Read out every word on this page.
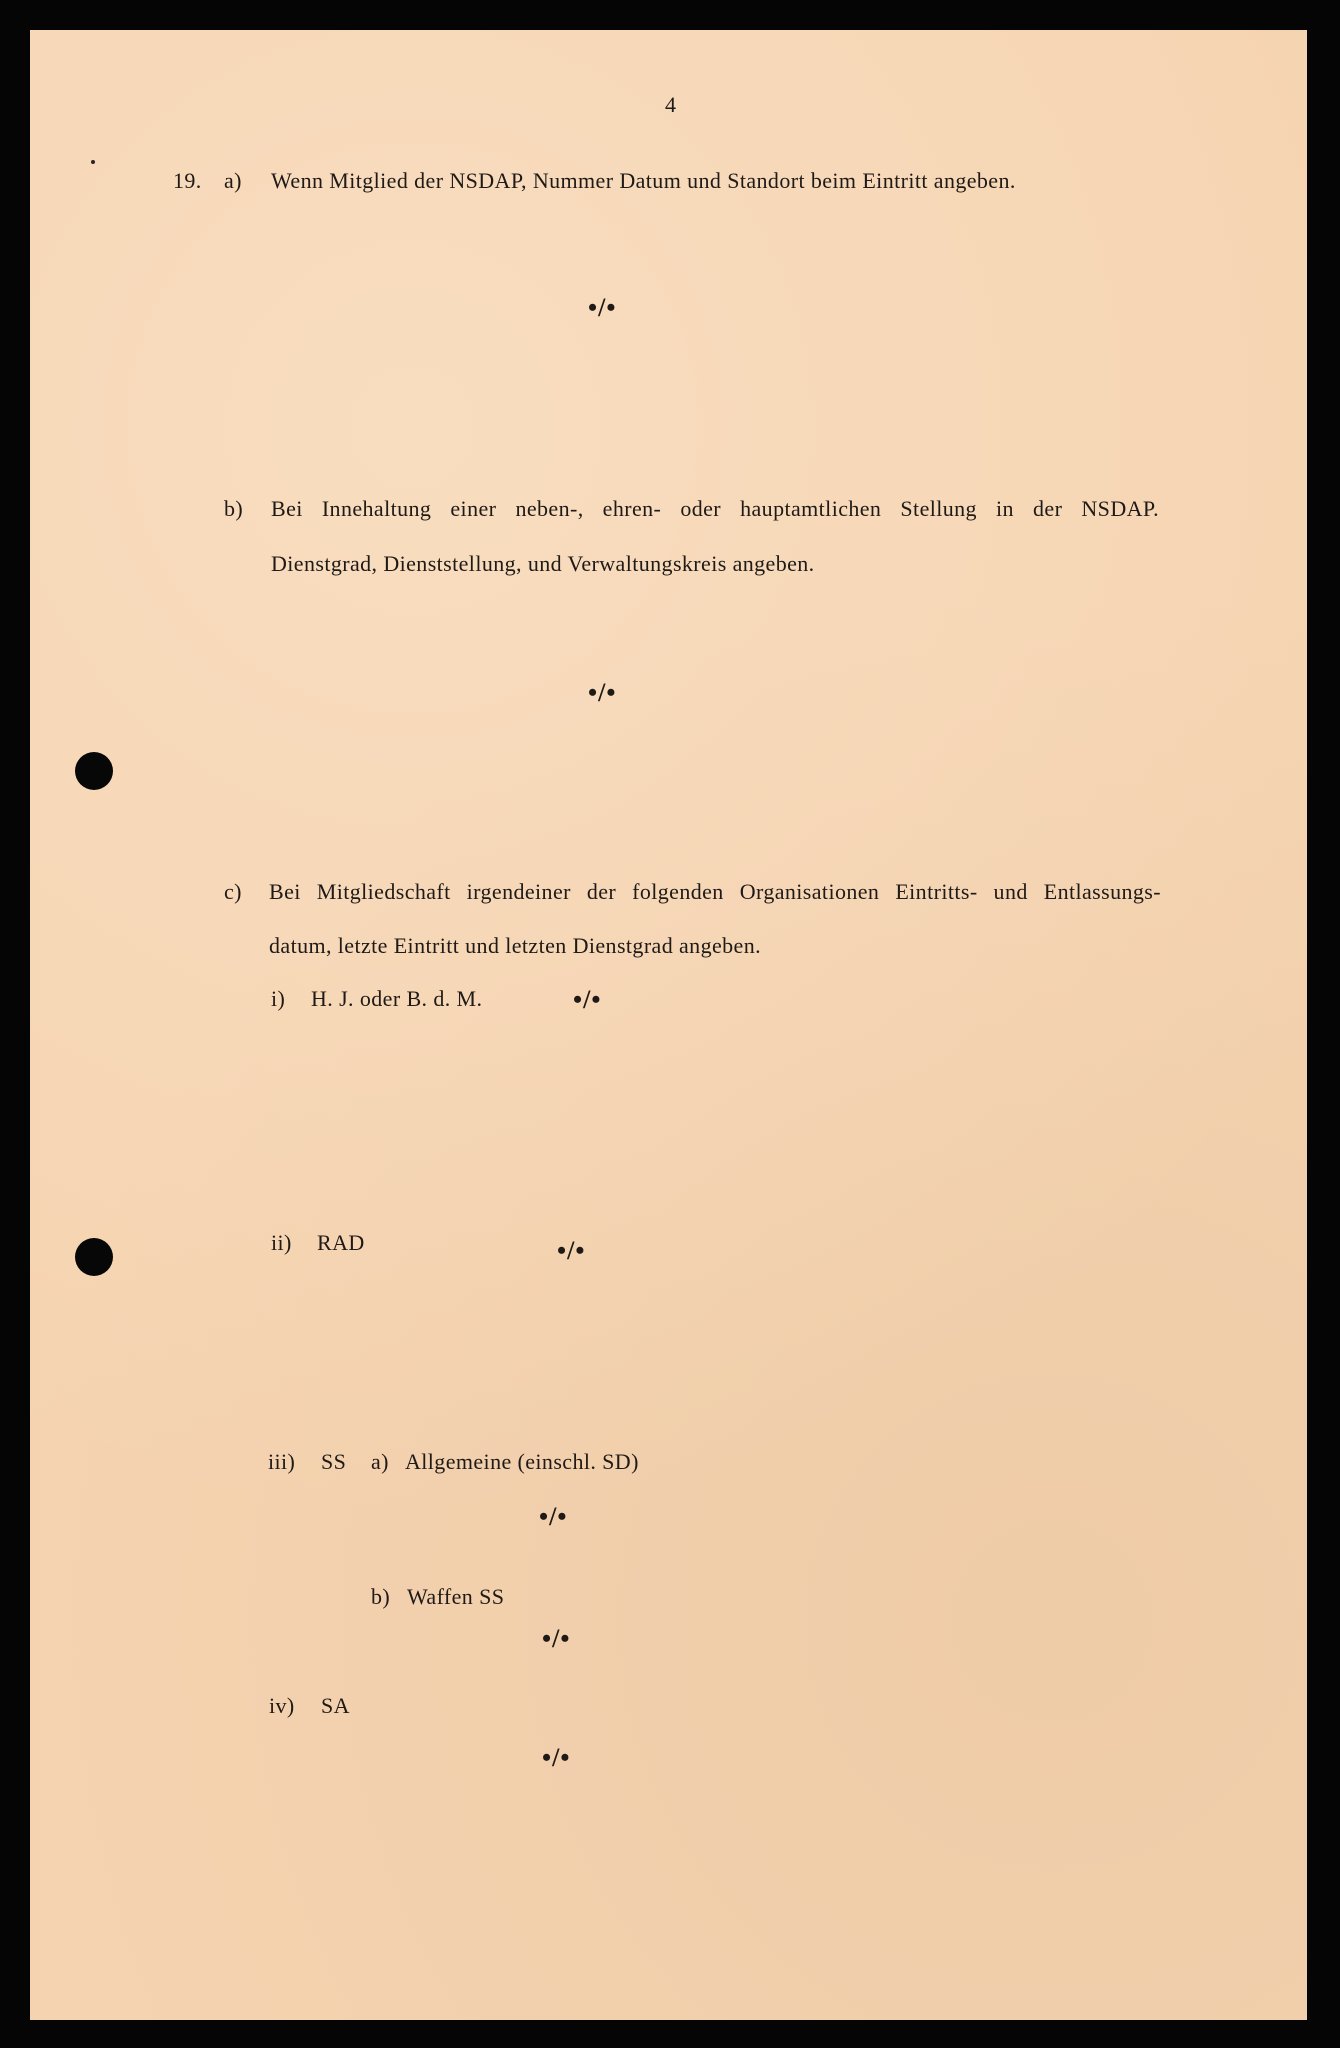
4
19. a) Wenn Mitglied der NSDAP, Nummer Datum und Standort beim Eintritt angeben.
•/•
b) Bei Innehaltung einer neben-, ehren- oder hauptamtlichen Stellung in der NSDAP.
Dienstgrad, Dienststellung, und Verwaltungskreis angeben.
•/•
c) Bei Mitgliedschaft irgendeiner der folgenden Organisationen Eintritts- und Entlassungs-
datum, letzte Eintritt und letzten Dienstgrad angeben.
i) H. J. oder B. d. M.	•/•
ii) RAD	•/•
iii) SS a) Allgemeine (einschl. SD)
•/•
b) Waffen SS
•/•
iv) SA
•/•
